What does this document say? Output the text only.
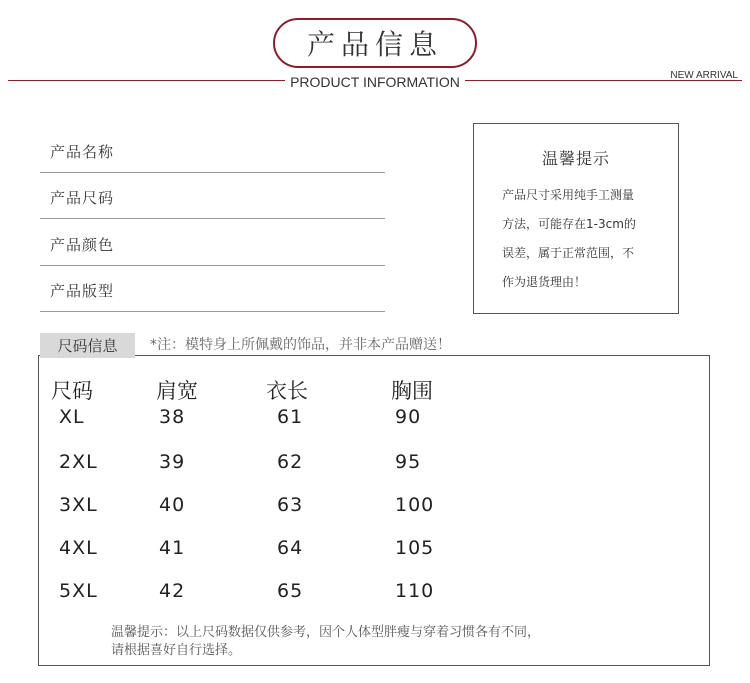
产品信息
PRODUCT INFORMATION	NEW ARRIVAL
产品名称
产品尺码
产品颜色
产品版型
温馨提示
产品尺寸采用纯手工测量
方法，可能存在1-3cm的
误差，属于正常范围，不
作为退货理由！
尺码	肩宽	衣长	胸围
XL	38	61	90
2XL	39	62	95
3XL	40	63	100
4XL	41	64	105
5XL	42	65	110
温馨提示：以上尺码数据仅供参考，因个人体型胖瘦与穿着习惯各有不同，
请根据喜好自行选择。
尺码信息	*注：模特身上所佩戴的饰品，并非本产品赠送！
